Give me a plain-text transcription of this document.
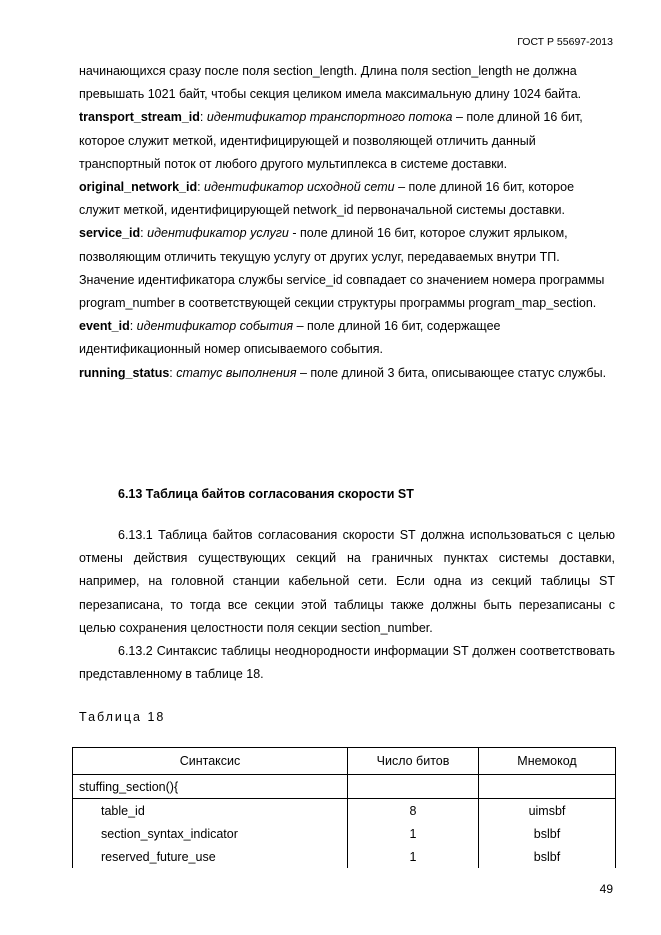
ГОСТ Р 55697-2013

начинающихся сразу после поля section_length. Длина поля section_length не должна превышать 1021 байт, чтобы секция целиком имела максимальную длину 1024 байта.

transport_stream_id: идентификатор транспортного потока – поле длиной 16 бит, которое служит меткой, идентифицирующей и позволяющей отличить данный транспортный поток от любого другого мультиплекса в системе доставки.

original_network_id: идентификатор исходной сети – поле длиной 16 бит, которое служит меткой, идентифицирующей network_id первоначальной системы доставки.

service_id: идентификатор услуги - поле длиной 16 бит, которое служит ярлыком, позволяющим отличить текущую услугу от других услуг, передаваемых внутри ТП. Значение идентификатора службы service_id совпадает со значением номера программы program_number в соответствующей секции структуры программы program_map_section.

event_id: идентификатор события – поле длиной 16 бит, содержащее идентификационный номер описываемого события.

running_status: статус выполнения – поле длиной 3 бита, описывающее статус службы.

6.13 Таблица байтов согласования скорости ST

6.13.1 Таблица байтов согласования скорости ST должна использоваться с целью отмены действия существующих секций на граничных пунктах системы доставки, например, на головной станции кабельной сети. Если одна из секций таблицы ST перезаписана, то тогда все секции этой таблицы также должны быть перезаписаны с целью сохранения целостности поля секции section_number.

6.13.2 Синтаксис таблицы неоднородности информации ST должен соответствовать представленному в таблице 18.

Таблица 18
Синтаксис	Число битов	Мнемокод
stuffing_section(){		
table_id	8	uimsbf
section_syntax_indicator	1	bslbf
reserved_future_use	1	bslbf
49
